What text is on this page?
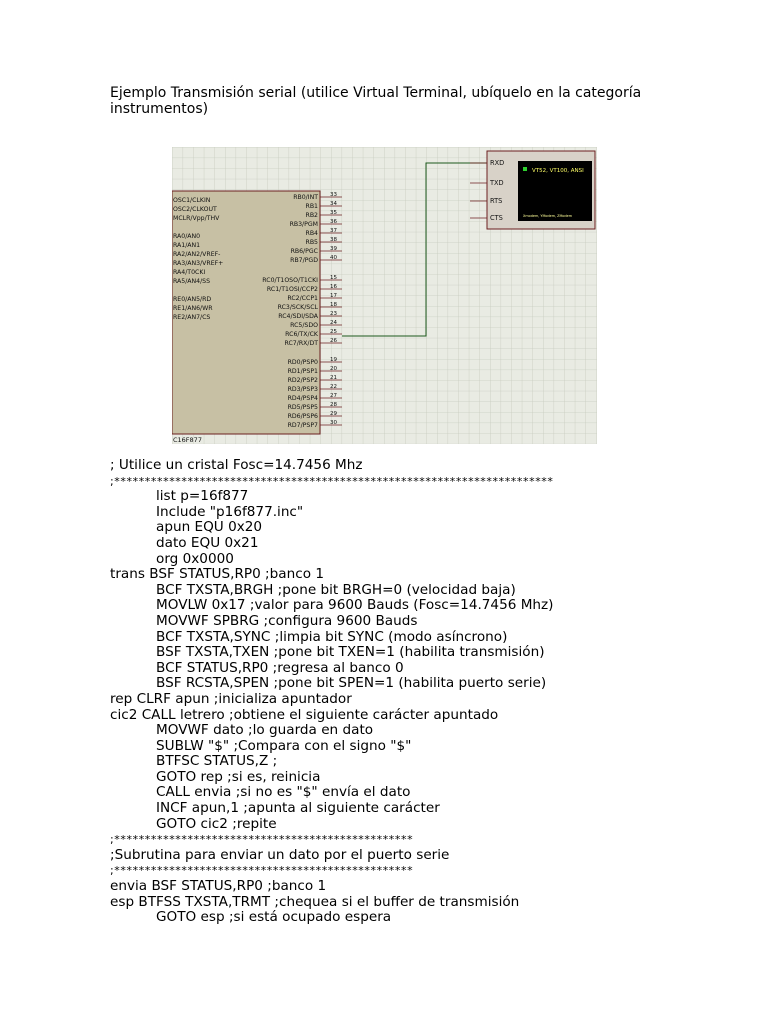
Ejemplo Transmisión serial (utilice Virtual Terminal, ubíquelo en la categoría
instrumentos)
OSC1/CLKIN
OSC2/CLKOUT
MCLR/Vpp/THV
RA0/AN0
RA1/AN1
RA2/AN2/VREF-
RA3/AN3/VREF+
RA4/T0CKI
RA5/AN4/SS
RE0/AN5/RD
RE1/AN6/WR
RE2/AN7/CS
RB0/INT 33
RB1 34
RB2 35
RB3/PGM 36
RB4 37
RB5 38
RB6/PGC 39
RB7/PGD 40
RC0/T1OSO/T1CKI 15
RC1/T1OSI/CCP2 16
RC2/CCP1 17
RC3/SCK/SCL 18
RC4/SDI/SDA 23
RC5/SDO 24
RC6/TX/CK 25
RC7/RX/DT 26
RD0/PSP0 19
RD1/PSP1 20
RD2/PSP2 21
RD3/PSP3 22
RD4/PSP4 27
RD5/PSP5 28
RD6/PSP6 29
RD7/PSP7 30
C16F877
VT52, VT100, ANSI
Xmodem, YModem, ZModem
RXD
TXD
RTS
CTS
; Utilice un cristal Fosc=14.7456 Mhz
;************************************************************************
list p=16f877
Include "p16f877.inc"
apun EQU 0x20
dato EQU 0x21
org 0x0000
trans BSF STATUS,RP0 ;banco 1
BCF TXSTA,BRGH ;pone bit BRGH=0 (velocidad baja)
MOVLW 0x17 ;valor para 9600 Bauds (Fosc=14.7456 Mhz)
MOVWF SPBRG ;configura 9600 Bauds
BCF TXSTA,SYNC ;limpia bit SYNC (modo asíncrono)
BSF TXSTA,TXEN ;pone bit TXEN=1 (habilita transmisión)
BCF STATUS,RP0 ;regresa al banco 0
BSF RCSTA,SPEN ;pone bit SPEN=1 (habilita puerto serie)
rep CLRF apun ;inicializa apuntador
cic2 CALL letrero ;obtiene el siguiente carácter apuntado
MOVWF dato ;lo guarda en dato
SUBLW "$" ;Compara con el signo "$"
BTFSC STATUS,Z ;
GOTO rep ;si es, reinicia
CALL envia ;si no es "$" envía el dato
INCF apun,1 ;apunta al siguiente carácter
GOTO cic2 ;repite
;*************************************************
;Subrutina para enviar un dato por el puerto serie
;*************************************************
envia BSF STATUS,RP0 ;banco 1
esp BTFSS TXSTA,TRMT ;chequea si el buffer de transmisión
GOTO esp ;si está ocupado espera
